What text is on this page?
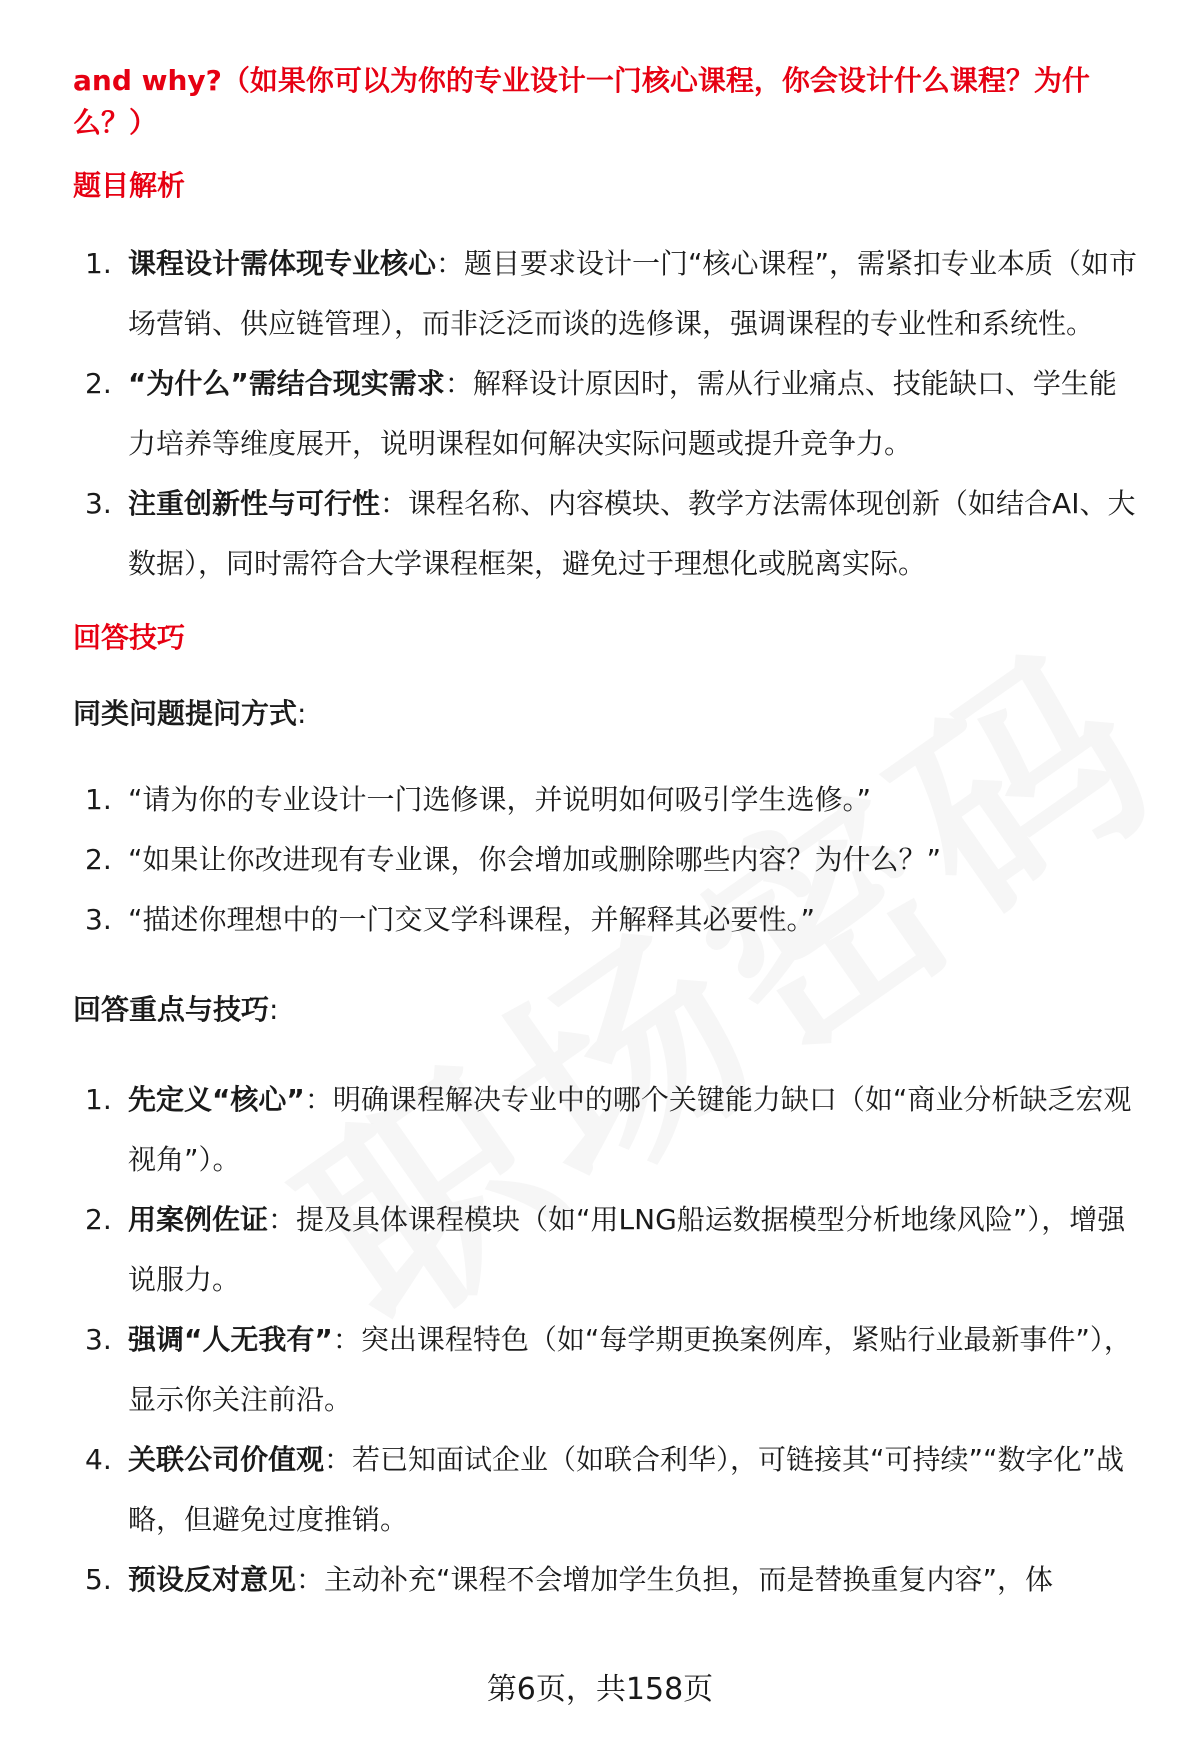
and why?（如果你可以为你的专业设计一门核心课程，你会设计什么课程？为什么？）

题目解析

1. 课程设计需体现专业核心：题目要求设计一门“核心课程”，需紧扣专业本质（如市场营销、供应链管理），而非泛泛而谈的选修课，强调课程的专业性和系统性。
2. “为什么”需结合现实需求：解释设计原因时，需从行业痛点、技能缺口、学生能力培养等维度展开，说明课程如何解决实际问题或提升竞争力。
3. 注重创新性与可行性：课程名称、内容模块、教学方法需体现创新（如结合AI、大数据），同时需符合大学课程框架，避免过于理想化或脱离实际。

回答技巧

同类问题提问方式:

1. “请为你的专业设计一门选修课，并说明如何吸引学生选修。”
2. “如果让你改进现有专业课，你会增加或删除哪些内容？为什么？”
3. “描述你理想中的一门交叉学科课程，并解释其必要性。”

回答重点与技巧:

1. 先定义“核心”：明确课程解决专业中的哪个关键能力缺口（如“商业分析缺乏宏观视角”）。
2. 用案例佐证：提及具体课程模块（如“用LNG船运数据模型分析地缘风险”），增强说服力。
3. 强调“人无我有”：突出课程特色（如“每学期更换案例库，紧贴行业最新事件”），显示你关注前沿。
4. 关联公司价值观：若已知面试企业（如联合利华），可链接其“可持续”“数字化”战略，但避免过度推销。
5. 预设反对意见：主动补充“课程不会增加学生负担，而是替换重复内容”，体
第6页，共158页
